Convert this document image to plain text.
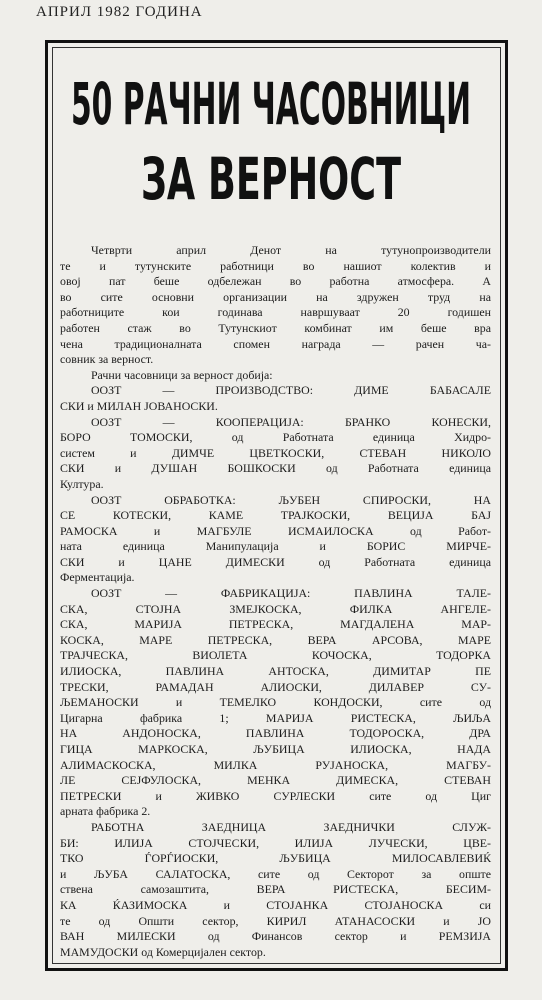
АПРИЛ 1982 ГОДИНА
50 РАЧНИ ЧАСОВНИЦИ
ЗА ВЕРНОСТ

Четврти април Денот на тутунопроизводители
те и тутунските работници во нашиот колектив и
овој пат беше одбележан во работна атмосфера. А
во сите основни организации на здружен труд на
работниците кои годинава навршуваат 20 годишен
работен стаж во Тутунскиот комбинат им беше вра
чена традиционалната спомен награда — рачен ча-
совник за верност.

Рачни часовници за верност добија:

ООЗТ — ПРОИЗВОДСТВО: ДИМЕ БАБАСАЛЕ
СКИ и МИЛАН ЈОВАНОСКИ.

ООЗТ — КООПЕРАЦИЈА: БРАНКО КОНЕСКИ,
БОРО ТОМОСКИ, од Работната единица Хидро-
систем и ДИМЧЕ ЦВЕТКОСКИ, СТЕВАН НИКОЛО
СКИ и ДУШАН БОШКОСКИ од Работната единица
Култура.

ООЗТ ОБРАБОТКА: ЉУБЕН СПИРОСКИ, НА
СЕ КОТЕСКИ, КАМЕ ТРАЈКОСКИ, ВЕЦИЈА БАЈ
РАМОСКА и МАГБУЛЕ ИСМАИЛОСКА од Работ-
ната единица Манипулација и БОРИС МИРЧЕ-
СКИ и ЦАНЕ ДИМЕСКИ од Работната единица
Ферментација.

ООЗТ — ФАБРИКАЦИЈА: ПАВЛИНА ТАЛЕ-
СКА, СТОЈНА ЗМЕЈКОСКА, ФИЛКА АНГЕЛЕ-
СКА, МАРИЈА ПЕТРЕСКА, МАГДАЛЕНА МАР-
КОСКА, МАРЕ ПЕТРЕСКА, ВЕРА АРСОВА, МАРЕ
ТРАЈЧЕСКА, ВИОЛЕТА КОЧОСКА, ТОДОРКА
ИЛИОСКА, ПАВЛИНА АНТОСКА, ДИМИТАР ПЕ
ТРЕСКИ, РАМАДАН АЛИОСКИ, ДИЛАВЕР СУ-
ЉЕМАНОСКИ и ТЕМЕЛКО КОНДОСКИ, сите од
Цигарна фабрика 1; МАРИЈА РИСТЕСКА, ЉИЉА
НА АНДОНОСКА, ПАВЛИНА ТОДОРОСКА, ДРА
ГИЦА МАРКОСКА, ЉУБИЦА ИЛИОСКА, НАДА
АЛИМАСКОСКА, МИЛКА РУЈАНОСКА, МАГБУ-
ЛЕ СЕЈФУЛОСКА, МЕНКА ДИМЕСКА, СТЕВАН
ПЕТРЕСКИ и ЖИВКО СУРЛЕСКИ сите од Циг
арната фабрика 2.

РАБОТНА ЗАЕДНИЦА ЗАЕДНИЧКИ СЛУЖ-
БИ: ИЛИЈА СТОЈЧЕСКИ, ИЛИЈА ЛУЧЕСКИ, ЦВЕ-
ТКО ЃОРЃИОСКИ, ЉУБИЦА МИЛОСАВЛЕВИЌ
и ЉУБА САЛАТОСКА, сите од Секторот за опште
ствена самозаштита, ВЕРА РИСТЕСКА, БЕСИМ-
КА ЌАЗИМОСКА и СТОЈАНКА СТОЈАНОСКА си
те од Општи сектор, КИРИЛ АТАНАСОСКИ и ЈО
ВАН МИЛЕСКИ од Финансов сектор и РЕМЗИЈА
МАМУДОСКИ од Комерцијален сектор.
